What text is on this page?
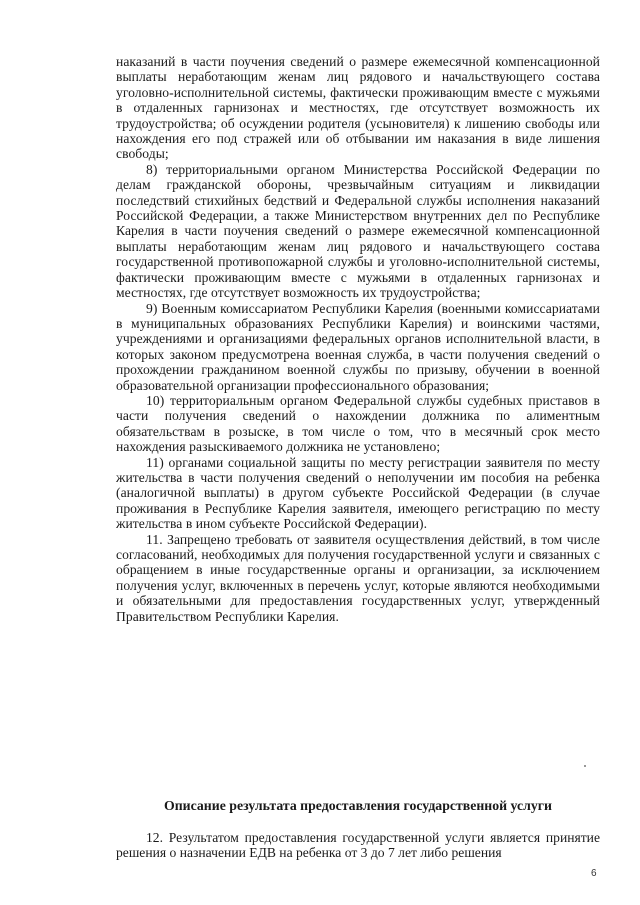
наказаний в части поучения сведений о размере ежемесячной компенсационной выплаты неработающим женам лиц рядового и начальствующего состава уголовно-исполнительной системы, фактически проживающим вместе с мужьями в отдаленных гарнизонах и местностях, где отсутствует возможность их трудоустройства; об осуждении родителя (усыновителя) к лишению свободы или нахождения его под стражей или об отбывании им наказания в виде лишения свободы;

8) территориальными органом Министерства Российской Федерации по делам гражданской обороны, чрезвычайным ситуациям и ликвидации последствий стихийных бедствий и Федеральной службы исполнения наказаний Российской Федерации, а также Министерством внутренних дел по Республике Карелия в части поучения сведений о размере ежемесячной компенсационной выплаты неработающим женам лиц рядового и начальствующего состава государственной противопожарной службы и уголовно-исполнительной системы, фактически проживающим вместе с мужьями в отдаленных гарнизонах и местностях, где отсутствует возможность их трудоустройства;

9) Военным комиссариатом Республики Карелия (военными комиссариатами в муниципальных образованиях Республики Карелия) и воинскими частями, учреждениями и организациями федеральных органов исполнительной власти, в которых законом предусмотрена военная служба, в части получения сведений о прохождении гражданином военной службы по призыву, обучении в военной образовательной организации профессионального образования;

10) территориальным органом Федеральной службы судебных приставов в части получения сведений о нахождении должника по алиментным обязательствам в розыске, в том числе о том, что в месячный срок место нахождения разыскиваемого должника не установлено;

11) органами социальной защиты по месту регистрации заявителя по месту жительства в части получения сведений о неполучении им пособия на ребенка (аналогичной выплаты) в другом субъекте Российской Федерации (в случае проживания в Республике Карелия заявителя, имеющего регистрацию по месту жительства в ином субъекте Российской Федерации).

11. Запрещено требовать от заявителя осуществления действий, в том числе согласований, необходимых для получения государственной услуги и связанных с обращением в иные государственные органы и организации, за исключением получения услуг, включенных в перечень услуг, которые являются необходимыми и обязательными для предоставления государственных услуг, утвержденный Правительством Республики Карелия.

Описание результата предоставления государственной услуги

12. Результатом предоставления государственной услуги является принятие решения о назначении ЕДВ на ребенка от 3 до 7 лет либо решения

6
